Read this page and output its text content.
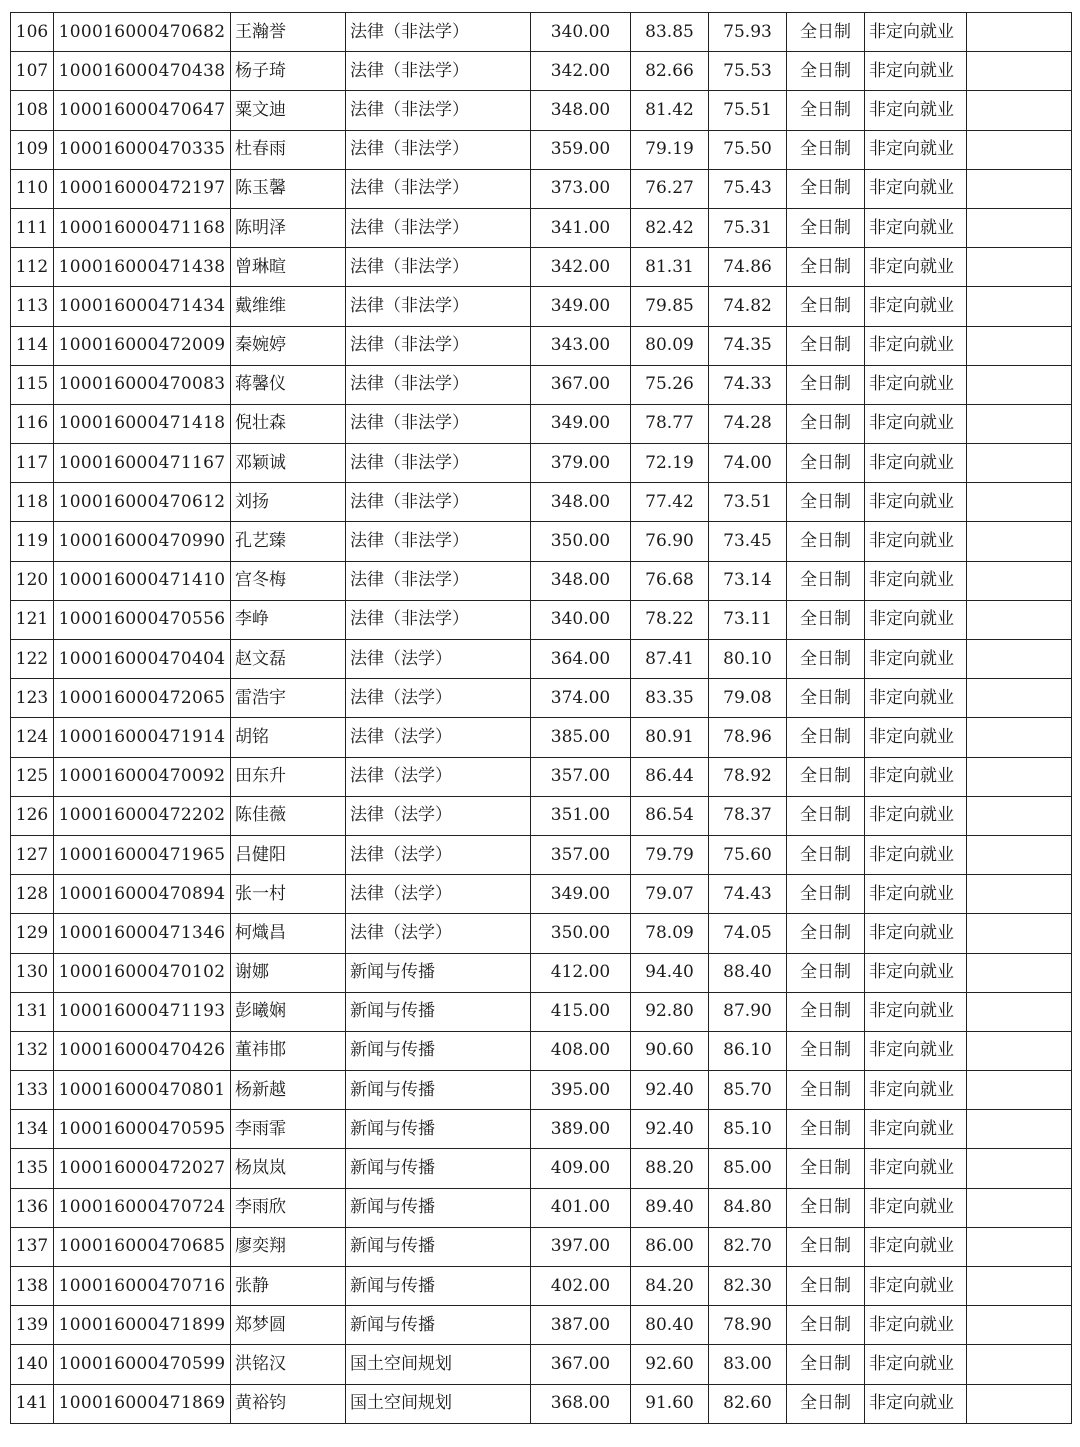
106	100016000470682	王瀚誉	法律（非法学）	340.00	83.85	75.93	全日制	非定向就业	
107	100016000470438	杨子琦	法律（非法学）	342.00	82.66	75.53	全日制	非定向就业	
108	100016000470647	粟文迪	法律（非法学）	348.00	81.42	75.51	全日制	非定向就业	
109	100016000470335	杜春雨	法律（非法学）	359.00	79.19	75.50	全日制	非定向就业	
110	100016000472197	陈玉馨	法律（非法学）	373.00	76.27	75.43	全日制	非定向就业	
111	100016000471168	陈明泽	法律（非法学）	341.00	82.42	75.31	全日制	非定向就业	
112	100016000471438	曾琳暄	法律（非法学）	342.00	81.31	74.86	全日制	非定向就业	
113	100016000471434	戴维维	法律（非法学）	349.00	79.85	74.82	全日制	非定向就业	
114	100016000472009	秦婉婷	法律（非法学）	343.00	80.09	74.35	全日制	非定向就业	
115	100016000470083	蒋馨仪	法律（非法学）	367.00	75.26	74.33	全日制	非定向就业	
116	100016000471418	倪壮森	法律（非法学）	349.00	78.77	74.28	全日制	非定向就业	
117	100016000471167	邓颖诚	法律（非法学）	379.00	72.19	74.00	全日制	非定向就业	
118	100016000470612	刘扬	法律（非法学）	348.00	77.42	73.51	全日制	非定向就业	
119	100016000470990	孔艺臻	法律（非法学）	350.00	76.90	73.45	全日制	非定向就业	
120	100016000471410	宫冬梅	法律（非法学）	348.00	76.68	73.14	全日制	非定向就业	
121	100016000470556	李峥	法律（非法学）	340.00	78.22	73.11	全日制	非定向就业	
122	100016000470404	赵文磊	法律（法学）	364.00	87.41	80.10	全日制	非定向就业	
123	100016000472065	雷浩宇	法律（法学）	374.00	83.35	79.08	全日制	非定向就业	
124	100016000471914	胡铭	法律（法学）	385.00	80.91	78.96	全日制	非定向就业	
125	100016000470092	田东升	法律（法学）	357.00	86.44	78.92	全日制	非定向就业	
126	100016000472202	陈佳薇	法律（法学）	351.00	86.54	78.37	全日制	非定向就业	
127	100016000471965	吕健阳	法律（法学）	357.00	79.79	75.60	全日制	非定向就业	
128	100016000470894	张一村	法律（法学）	349.00	79.07	74.43	全日制	非定向就业	
129	100016000471346	柯熾昌	法律（法学）	350.00	78.09	74.05	全日制	非定向就业	
130	100016000470102	谢娜	新闻与传播	412.00	94.40	88.40	全日制	非定向就业	
131	100016000471193	彭曦娴	新闻与传播	415.00	92.80	87.90	全日制	非定向就业	
132	100016000470426	董祎邯	新闻与传播	408.00	90.60	86.10	全日制	非定向就业	
133	100016000470801	杨新越	新闻与传播	395.00	92.40	85.70	全日制	非定向就业	
134	100016000470595	李雨霏	新闻与传播	389.00	92.40	85.10	全日制	非定向就业	
135	100016000472027	杨岚岚	新闻与传播	409.00	88.20	85.00	全日制	非定向就业	
136	100016000470724	李雨欣	新闻与传播	401.00	89.40	84.80	全日制	非定向就业	
137	100016000470685	廖奕翔	新闻与传播	397.00	86.00	82.70	全日制	非定向就业	
138	100016000470716	张静	新闻与传播	402.00	84.20	82.30	全日制	非定向就业	
139	100016000471899	郑梦圆	新闻与传播	387.00	80.40	78.90	全日制	非定向就业	
140	100016000470599	洪铭汉	国土空间规划	367.00	92.60	83.00	全日制	非定向就业	
141	100016000471869	黄裕钧	国土空间规划	368.00	91.60	82.60	全日制	非定向就业	
